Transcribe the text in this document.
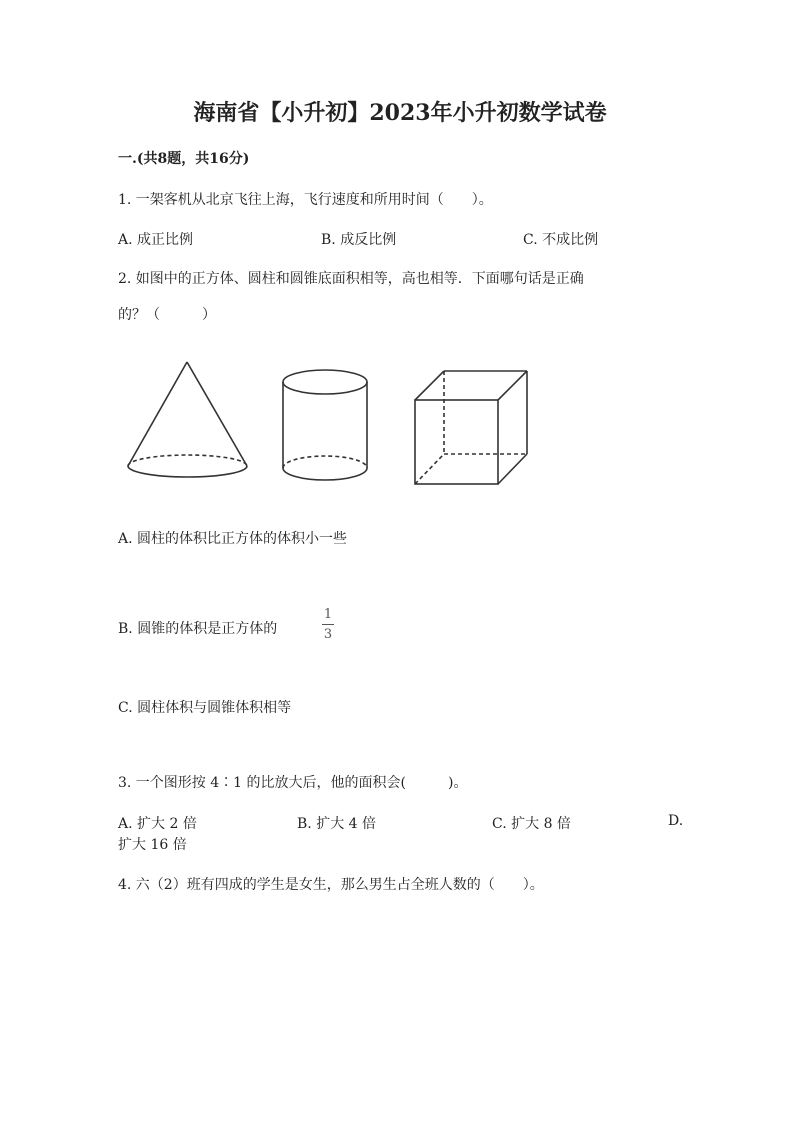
海南省【小升初】2023年小升初数学试卷
一.(共8题，共16分)
1. 一架客机从北京飞往上海，飞行速度和所用时间（　　）。
A. 成正比例	B. 成反比例	C. 不成比例
2. 如图中的正方体、圆柱和圆锥底面积相等，高也相等．下面哪句话是正确
的？（　　　）
A. 圆柱的体积比正方体的体积小一些
B. 圆锥的体积是正方体的
1
3
C. 圆柱体积与圆锥体积相等
3. 一个图形按 4∶1 的比放大后，他的面积会(　　　)。
A. 扩大 2 倍	B. 扩大 4 倍	C. 扩大 8 倍	D.
扩大 16 倍
4. 六（2）班有四成的学生是女生，那么男生占全班人数的（　　）。
